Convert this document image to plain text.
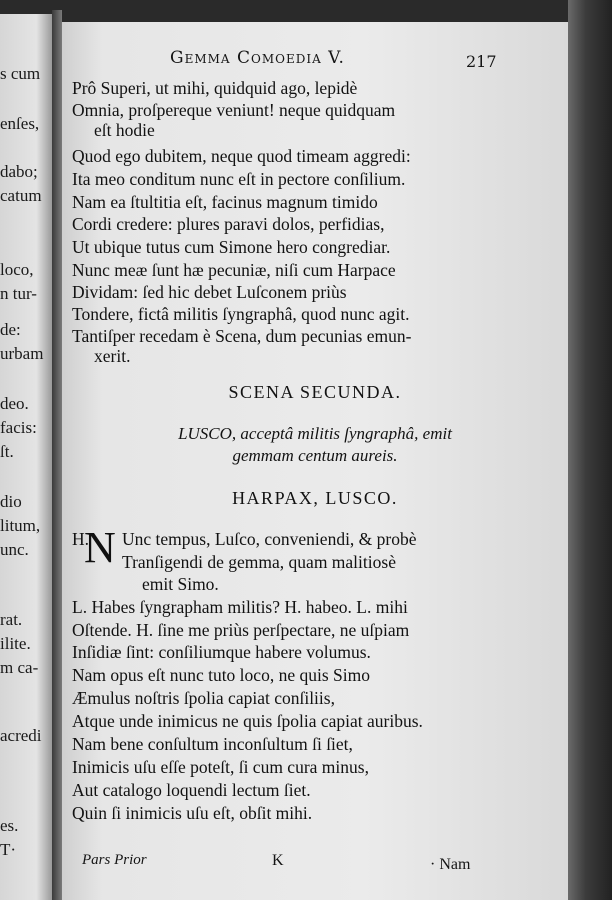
s cum
enſes,
dabo;
catum
loco,
n tur-
de:
urbam
deo.
facis:
ſt.
dio
litum,
unc.
rat.
ilite.
m ca-
acredi
es.
T·
Gemma Comoedia V.	217
Prô Superi, ut mihi, quidquid ago, lepidè
Omnia, proſpereque veniunt! neque quidquam
eſt hodie
Quod ego dubitem, neque quod timeam aggredi:
Ita meo conditum nunc eſt in pectore conſilium.
Nam ea ſtultitia eſt, facinus magnum timido
Cordi credere: plures paravi dolos, perfidias,
Ut ubique tutus cum Simone hero congrediar.
Nunc meæ ſunt hæ pecuniæ, niſi cum Harpace
Dividam: ſed hic debet Luſconem priùs
Tondere, fictâ militis ſyngraphâ, quod nunc agit.
Tantiſper recedam è Scena, dum pecunias emun-
xerit.
SCENA SECUNDA.
LUSCO, acceptâ militis ſyngraphâ, emit
gemmam centum aureis.
HARPAX, LUSCO.
H.
N Unc tempus, Luſco, conveniendi, & probè
Tranſigendi de gemma, quam malitiosè
emit Simo.
L. Habes ſyngrapham militis? H. habeo. L. mihi
Oſtende. H. ſine me priùs perſpectare, ne uſpiam
Inſidiæ ſint: conſiliumque habere volumus.
Nam opus eſt nunc tuto loco, ne quis Simo
Æmulus noſtris ſpolia capiat conſiliis,
Atque unde inimicus ne quis ſpolia capiat auribus.
Nam bene conſultum inconſultum ſi ſiet,
Inimicis uſu eſſe poteſt, ſi cum cura minus,
Aut catalogo loquendi lectum ſiet.
Quin ſi inimicis uſu eſt, obſit mihi.
Pars Prior	K	· Nam
